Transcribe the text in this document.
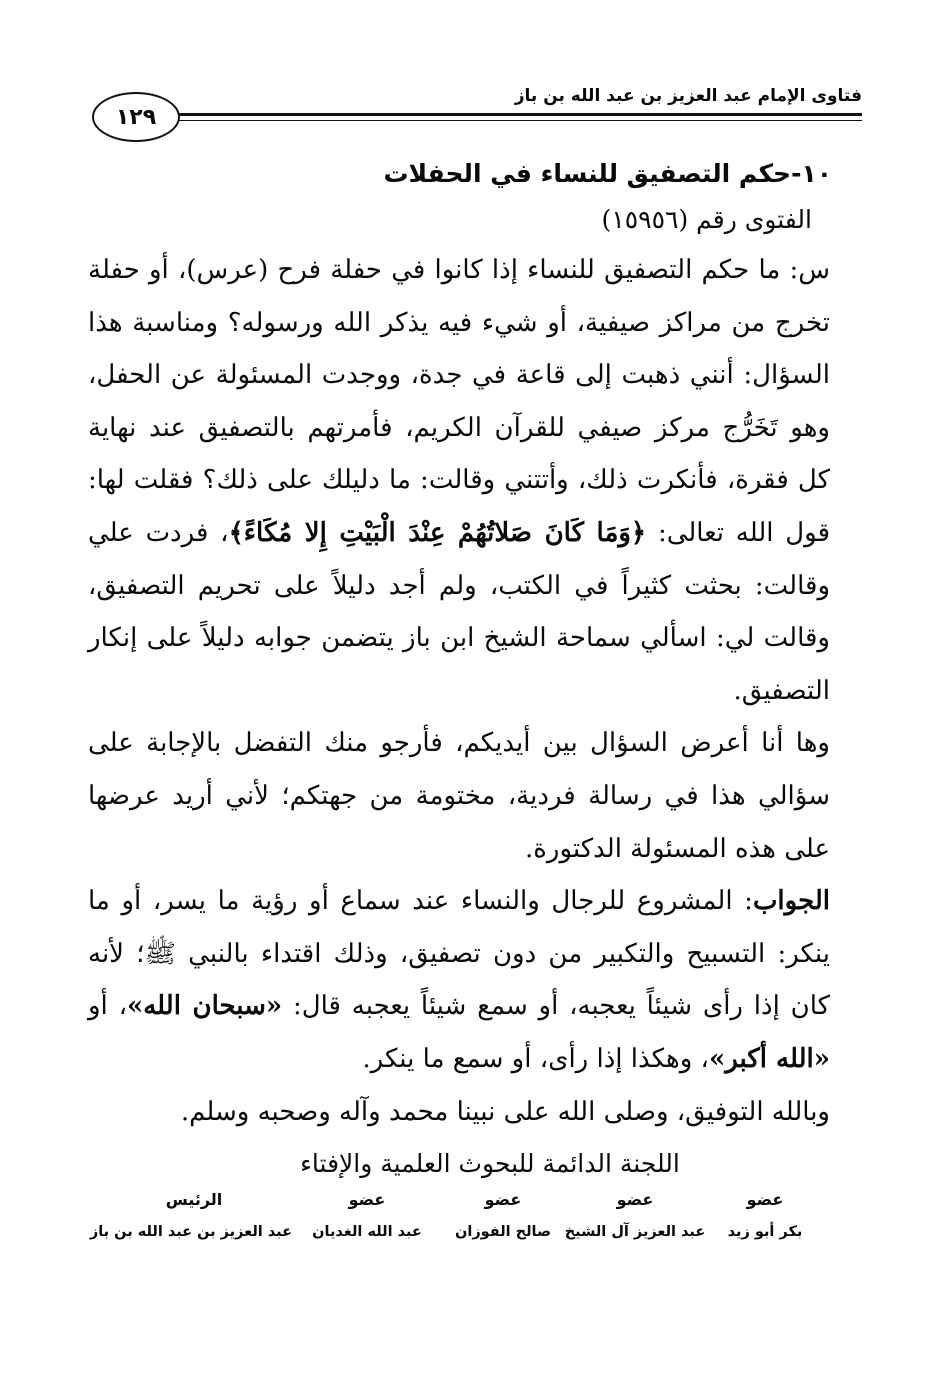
١٢٩
فتاوى الإمام عبد العزيز بن عبد الله بن باز
١٠-حكم التصفيق للنساء في الحفلات

الفتوى رقم (١٥٩٥٦)

س: ما حكم التصفيق للنساء إذا كانوا في حفلة فرح (عرس)، أو حفلة تخرج من مراكز صيفية، أو شيء فيه يذكر الله ورسوله؟ ومناسبة هذا السؤال: أنني ذهبت إلى قاعة في جدة، ووجدت المسئولة عن الحفل، وهو تَخَرُّج مركز صيفي للقرآن الكريم، فأمرتهم بالتصفيق عند نهاية كل فقرة، فأنكرت ذلك، وأتتني وقالت: ما دليلك على ذلك؟ فقلت لها: قول الله تعالى: ﴿وَمَا كَانَ صَلاتُهُمْ عِنْدَ الْبَيْتِ إِلا مُكَاءً﴾، فردت علي وقالت: بحثت كثيراً في الكتب، ولم أجد دليلاً على تحريم التصفيق، وقالت لي: اسألي سماحة الشيخ ابن باز يتضمن جوابه دليلاً على إنكار التصفيق.

وها أنا أعرض السؤال بين أيديكم، فأرجو منك التفضل بالإجابة على سؤالي هذا في رسالة فردية، مختومة من جهتكم؛ لأني أريد عرضها على هذه المسئولة الدكتورة.

الجواب: المشروع للرجال والنساء عند سماع أو رؤية ما يسر، أو ما ينكر: التسبيح والتكبير من دون تصفيق، وذلك اقتداء بالنبي ﷺ؛ لأنه كان إذا رأى شيئاً يعجبه، أو سمع شيئاً يعجبه قال: «سبحان الله»، أو «الله أكبر»، وهكذا إذا رأى، أو سمع ما ينكر.

وبالله التوفيق، وصلى الله على نبينا محمد وآله وصحبه وسلم.

اللجنة الدائمة للبحوث العلمية والإفتاء

عضو
بكر أبو زيد
عضو
عبد العزيز آل الشيخ
عضو
صالح الفوزان
عضو
عبد الله الغديان
الرئيس
عبد العزيز بن عبد الله بن باز
